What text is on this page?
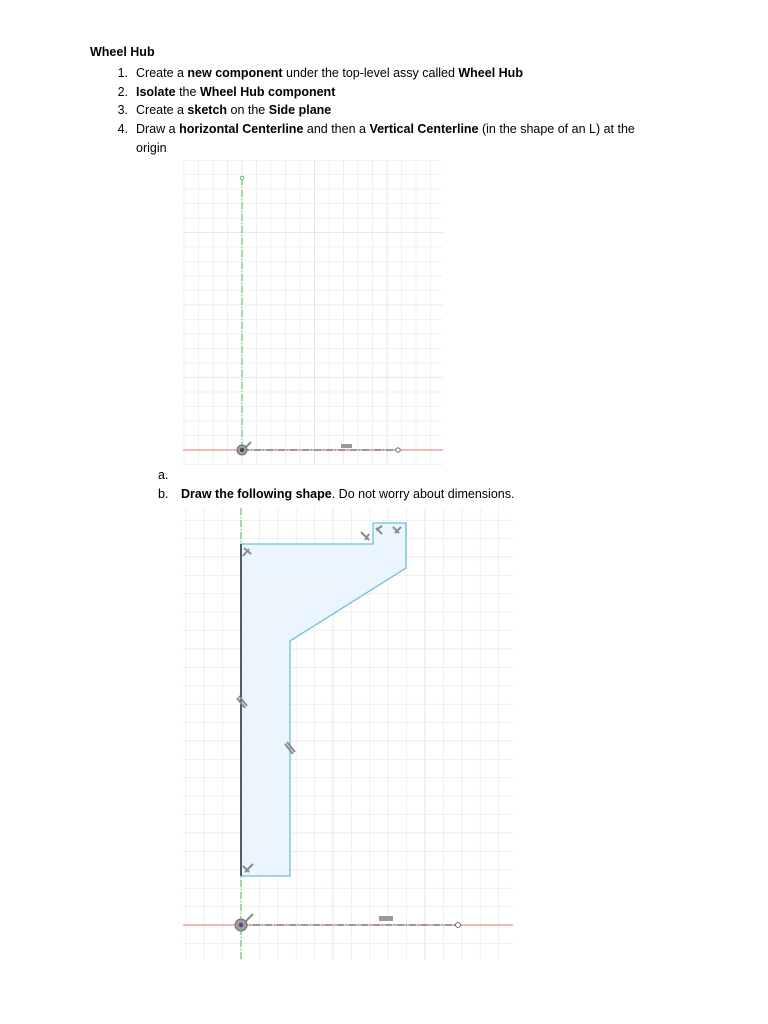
Wheel Hub
1. Create a new component under the top-level assy called Wheel Hub
2. Isolate the Wheel Hub component
3. Create a sketch on the Side plane
4. Draw a horizontal Centerline and then a Vertical Centerline (in the shape of an L) at the origin
a.
b. Draw the following shape. Do not worry about dimensions.
